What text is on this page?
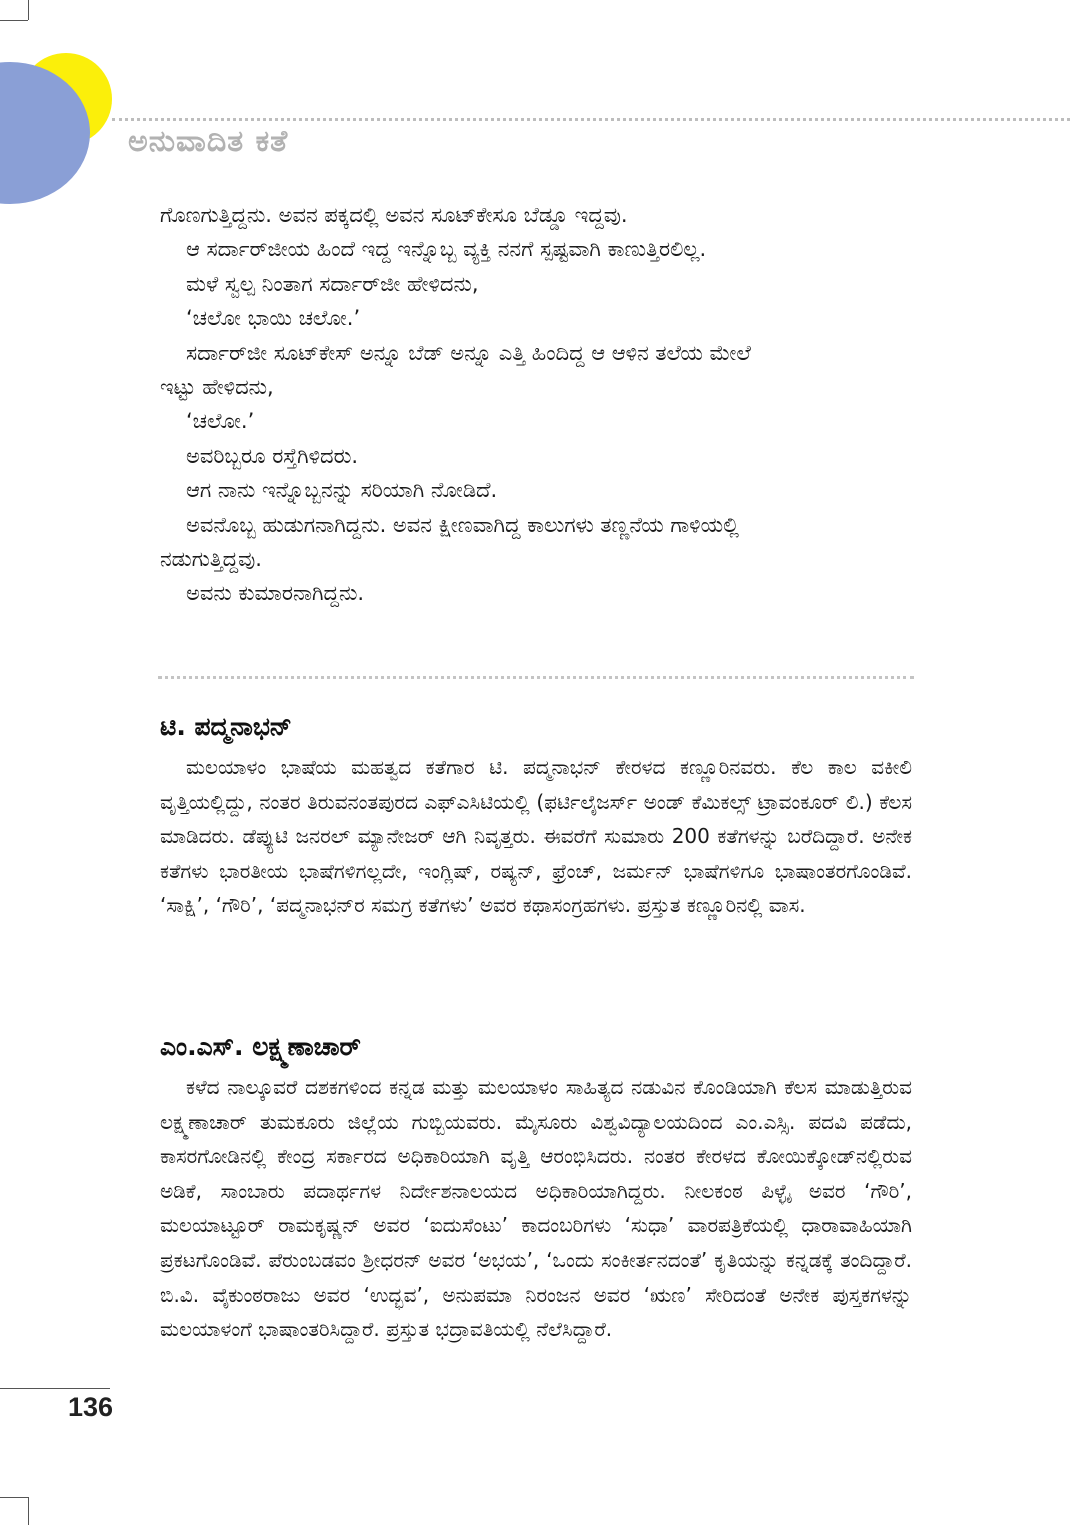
ಅನುವಾದಿತ ಕತೆ

ಗೊಣಗುತ್ತಿದ್ದನು. ಅವನ ಪಕ್ಕದಲ್ಲಿ ಅವನ ಸೂಟ್‌ಕೇಸೂ ಬೆಡ್ಡೂ ಇದ್ದವು.

ಆ ಸರ್ದಾರ್‌ಜೀಯ ಹಿಂದೆ ಇದ್ದ ಇನ್ನೊಬ್ಬ ವ್ಯಕ್ತಿ ನನಗೆ ಸ್ಪಷ್ಟವಾಗಿ ಕಾಣುತ್ತಿರಲಿಲ್ಲ.

ಮಳೆ ಸ್ವಲ್ಪ ನಿಂತಾಗ ಸರ್ದಾರ್‌ಜೀ ಹೇಳಿದನು,

‘ಚಲೋ ಭಾಯಿ ಚಲೋ.’

ಸರ್ದಾರ್‌ಜೀ ಸೂಟ್‌ಕೇಸ್ ಅನ್ನೂ ಬೆಡ್ ಅನ್ನೂ ಎತ್ತಿ ಹಿಂದಿದ್ದ ಆ ಆಳಿನ ತಲೆಯ ಮೇಲೆ

ಇಟ್ಟು ಹೇಳಿದನು,

‘ಚಲೋ.’

ಅವರಿಬ್ಬರೂ ರಸ್ತೆಗಿಳಿದರು.

ಆಗ ನಾನು ಇನ್ನೊಬ್ಬನನ್ನು ಸರಿಯಾಗಿ ನೋಡಿದೆ.

ಅವನೊಬ್ಬ ಹುಡುಗನಾಗಿದ್ದನು. ಅವನ ಕ್ಷೀಣವಾಗಿದ್ದ ಕಾಲುಗಳು ತಣ್ಣನೆಯ ಗಾಳಿಯಲ್ಲಿ

ನಡುಗುತ್ತಿದ್ದವು.

ಅವನು ಕುಮಾರನಾಗಿದ್ದನು.

ಟಿ. ಪದ್ಮನಾಭನ್

ಮಲಯಾಳಂ ಭಾಷೆಯ ಮಹತ್ವದ ಕತೆಗಾರ ಟಿ. ಪದ್ಮನಾಭನ್ ಕೇರಳದ ಕಣ್ಣೂರಿನವರು. ಕೆಲ ಕಾಲ ವಕೀಲಿ ವೃತ್ತಿಯಲ್ಲಿದ್ದು, ನಂತರ ತಿರುವನಂತಪುರದ ಎಫ್‌ಎಸಿಟಿಯಲ್ಲಿ (ಫರ್ಟಿಲೈಜರ್ಸ್ ಅಂಡ್ ಕೆಮಿಕಲ್ಸ್ ಟ್ರಾವಂಕೂರ್ ಲಿ.) ಕೆಲಸ ಮಾಡಿದರು. ಡೆಪ್ಯುಟಿ ಜನರಲ್ ಮ್ಯಾನೇಜರ್ ಆಗಿ ನಿವೃತ್ತರು. ಈವರೆಗೆ ಸುಮಾರು 200 ಕತೆಗಳನ್ನು ಬರೆದಿದ್ದಾರೆ. ಅನೇಕ ಕತೆಗಳು ಭಾರತೀಯ ಭಾಷೆಗಳಿಗಲ್ಲದೇ, ಇಂಗ್ಲಿಷ್, ರಷ್ಯನ್, ಫ್ರೆಂಚ್, ಜರ್ಮನ್ ಭಾಷೆಗಳಿಗೂ ಭಾಷಾಂತರಗೊಂಡಿವೆ. ‘ಸಾಕ್ಷಿ’, ‘ಗೌರಿ’, ‘ಪದ್ಮನಾಭನ್‌ರ ಸಮಗ್ರ ಕತೆಗಳು’ ಅವರ ಕಥಾಸಂಗ್ರಹಗಳು. ಪ್ರಸ್ತುತ ಕಣ್ಣೂರಿನಲ್ಲಿ ವಾಸ.

ಎಂ.ಎಸ್. ಲಕ್ಷ್ಮಣಾಚಾರ್

ಕಳೆದ ನಾಲ್ಕೂವರೆ ದಶಕಗಳಿಂದ ಕನ್ನಡ ಮತ್ತು ಮಲಯಾಳಂ ಸಾಹಿತ್ಯದ ನಡುವಿನ ಕೊಂಡಿಯಾಗಿ ಕೆಲಸ ಮಾಡುತ್ತಿರುವ ಲಕ್ಷ್ಮಣಾಚಾರ್ ತುಮಕೂರು ಜಿಲ್ಲೆಯ ಗುಬ್ಬಿಯವರು. ಮೈಸೂರು ವಿಶ್ವವಿದ್ಯಾಲಯದಿಂದ ಎಂ.ಎಸ್ಸಿ. ಪದವಿ ಪಡೆದು, ಕಾಸರಗೋಡಿನಲ್ಲಿ ಕೇಂದ್ರ ಸರ್ಕಾರದ ಅಧಿಕಾರಿಯಾಗಿ ವೃತ್ತಿ ಆರಂಭಿಸಿದರು. ನಂತರ ಕೇರಳದ ಕೋಯಿಕ್ಕೋಡ್‌ನಲ್ಲಿರುವ ಅಡಿಕೆ, ಸಾಂಬಾರು ಪದಾರ್ಥಗಳ ನಿರ್ದೇಶನಾಲಯದ ಅಧಿಕಾರಿಯಾಗಿದ್ದರು. ನೀಲಕಂಠ ಪಿಳ್ಳೈ ಅವರ ‘ಗೌರಿ’, ಮಲಯಾಟ್ಟೂರ್ ರಾಮಕೃಷ್ಣನ್ ಅವರ ‘ಐದುಸೆಂಟು’ ಕಾದಂಬರಿಗಳು ‘ಸುಧಾ’ ವಾರಪತ್ರಿಕೆಯಲ್ಲಿ ಧಾರಾವಾಹಿಯಾಗಿ ಪ್ರಕಟಗೊಂಡಿವೆ. ಪೆರುಂಬಡವಂ ಶ್ರೀಧರನ್ ಅವರ ‘ಅಭಯ’, ‘ಒಂದು ಸಂಕೀರ್ತನದಂತೆ’ ಕೃತಿಯನ್ನು ಕನ್ನಡಕ್ಕೆ ತಂದಿದ್ದಾರೆ. ಬಿ.ವಿ. ವೈಕುಂಠರಾಜು ಅವರ ‘ಉದ್ಭವ’, ಅನುಪಮಾ ನಿರಂಜನ ಅವರ ‘ಋಣ’ ಸೇರಿದಂತೆ ಅನೇಕ ಪುಸ್ತಕಗಳನ್ನು ಮಲಯಾಳಂಗೆ ಭಾಷಾಂತರಿಸಿದ್ದಾರೆ. ಪ್ರಸ್ತುತ ಭದ್ರಾವತಿಯಲ್ಲಿ ನೆಲೆಸಿದ್ದಾರೆ.

136
